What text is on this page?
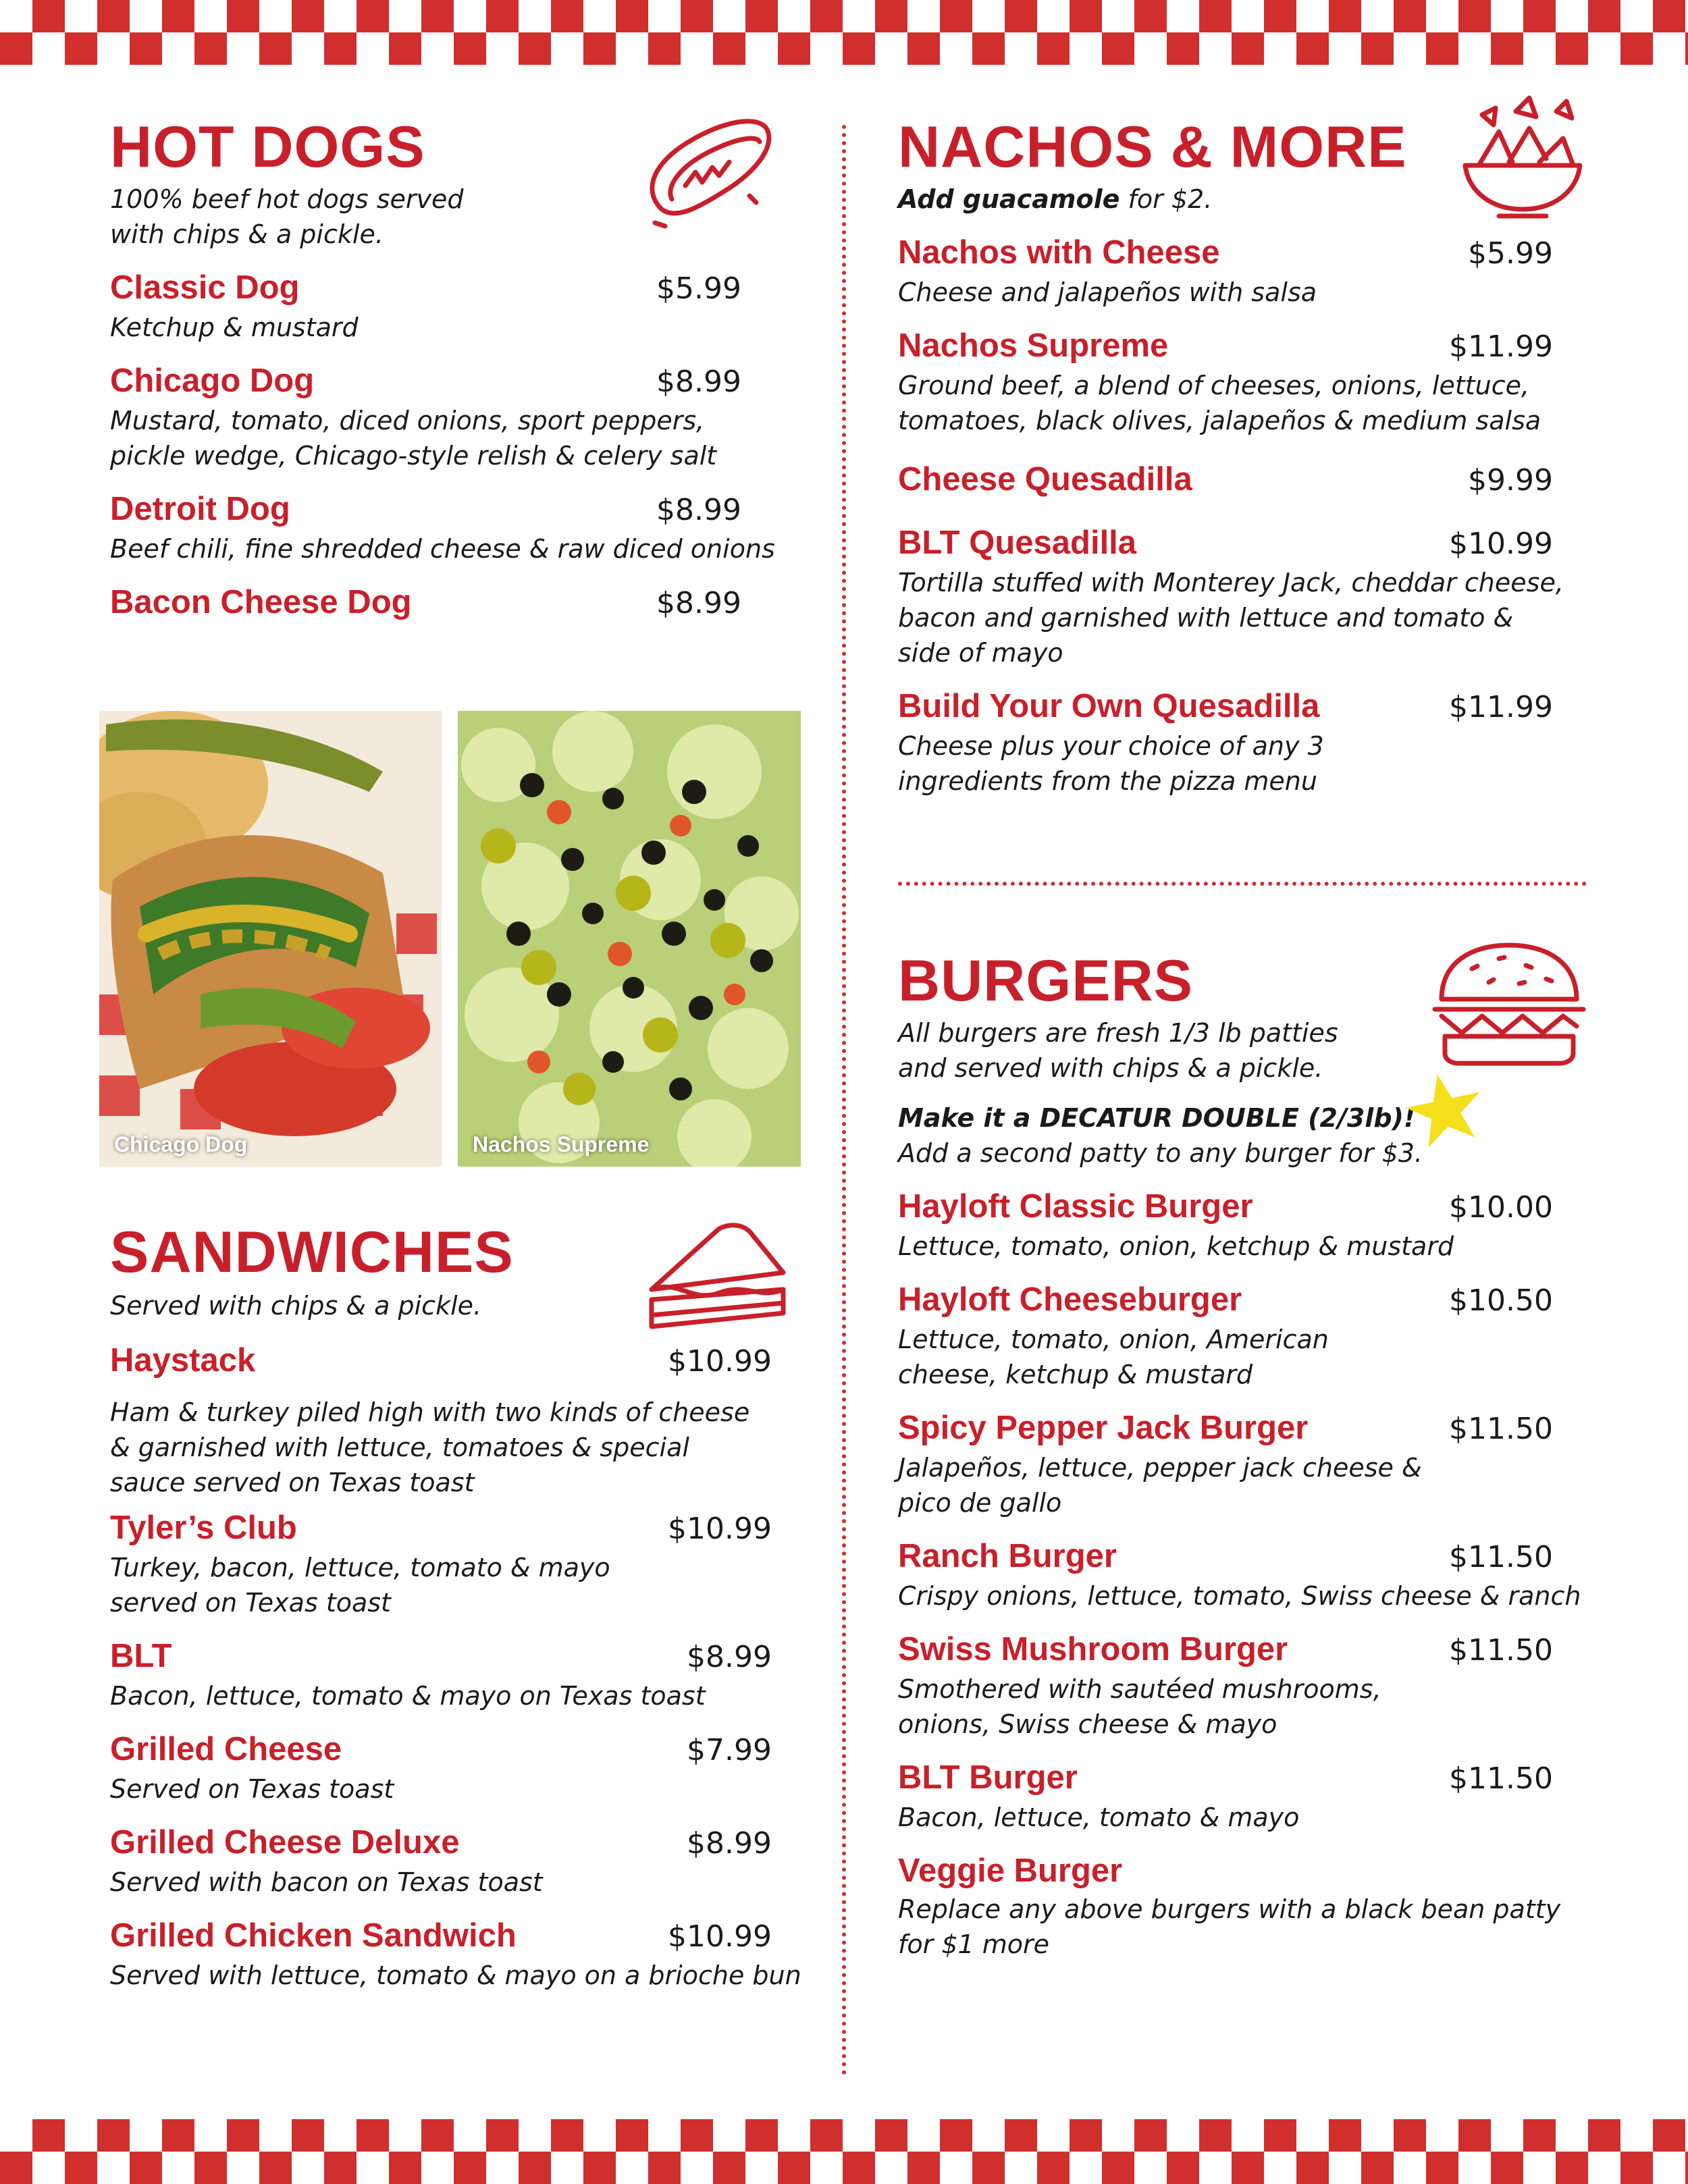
HOT DOGS
100% beef hot dogs served
with chips & a pickle.
Classic Dog	$5.99
Ketchup & mustard
Chicago Dog	$8.99
Mustard, tomato, diced onions, sport peppers, pickle wedge, Chicago-style relish & celery salt
Detroit Dog	$8.99
Beef chili, fine shredded cheese & raw diced onions
Bacon Cheese Dog	$8.99
Chicago Dog	Nachos Supreme
SANDWICHES
Served with chips & a pickle.
Haystack	$10.99
Ham & turkey piled high with two kinds of cheese & garnished with lettuce, tomatoes & special sauce served on Texas toast
Tyler’s Club	$10.99
Turkey, bacon, lettuce, tomato & mayo served on Texas toast
BLT	$8.99
Bacon, lettuce, tomato & mayo on Texas toast
Grilled Cheese	$7.99
Served on Texas toast
Grilled Cheese Deluxe	$8.99
Served with bacon on Texas toast
Grilled Chicken Sandwich	$10.99
Served with lettuce, tomato & mayo on a brioche bun
NACHOS & MORE
Add guacamole for $2.
Nachos with Cheese	$5.99
Cheese and jalapeños with salsa
Nachos Supreme	$11.99
Ground beef, a blend of cheeses, onions, lettuce, tomatoes, black olives, jalapeños & medium salsa
Cheese Quesadilla	$9.99
BLT Quesadilla	$10.99
Tortilla stuffed with Monterey Jack, cheddar cheese, bacon and garnished with lettuce and tomato & side of mayo
Build Your Own Quesadilla	$11.99
Cheese plus your choice of any 3 ingredients from the pizza menu
BURGERS
All burgers are fresh 1/3 lb patties
and served with chips & a pickle.
Make it a DECATUR DOUBLE (2/3lb)!
Add a second patty to any burger for $3.
Hayloft Classic Burger	$10.00
Lettuce, tomato, onion, ketchup & mustard
Hayloft Cheeseburger	$10.50
Lettuce, tomato, onion, American cheese, ketchup & mustard
Spicy Pepper Jack Burger	$11.50
Jalapeños, lettuce, pepper jack cheese & pico de gallo
Ranch Burger	$11.50
Crispy onions, lettuce, tomato, Swiss cheese & ranch
Swiss Mushroom Burger	$11.50
Smothered with sautéed mushrooms, onions, Swiss cheese & mayo
BLT Burger	$11.50
Bacon, lettuce, tomato & mayo
Veggie Burger
Replace any above burgers with a black bean patty for $1 more
